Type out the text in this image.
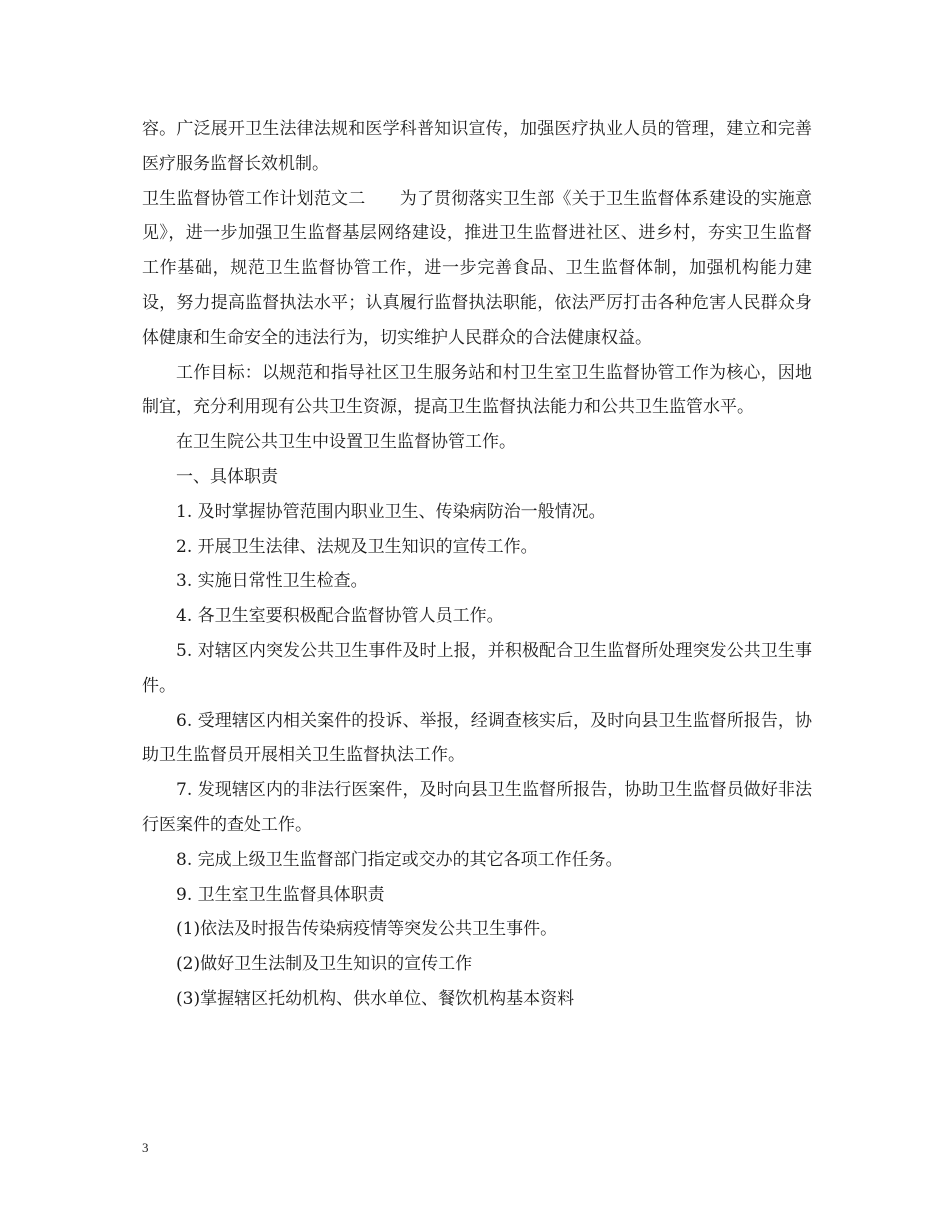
容。广泛展开卫生法律法规和医学科普知识宣传，加强医疗执业人员的管理，建立和完善医疗服务监督长效机制。

卫生监督协管工作计划范文二　　为了贯彻落实卫生部《关于卫生监督体系建设的实施意见》，进一步加强卫生监督基层网络建设，推进卫生监督进社区、进乡村，夯实卫生监督工作基础，规范卫生监督协管工作，进一步完善食品、卫生监督体制，加强机构能力建设，努力提高监督执法水平；认真履行监督执法职能，依法严厉打击各种危害人民群众身体健康和生命安全的违法行为，切实维护人民群众的合法健康权益。

工作目标：以规范和指导社区卫生服务站和村卫生室卫生监督协管工作为核心，因地制宜，充分利用现有公共卫生资源，提高卫生监督执法能力和公共卫生监管水平。

在卫生院公共卫生中设置卫生监督协管工作。

一、具体职责

1. 及时掌握协管范围内职业卫生、传染病防治一般情况。

2. 开展卫生法律、法规及卫生知识的宣传工作。

3. 实施日常性卫生检查。

4. 各卫生室要积极配合监督协管人员工作。

5. 对辖区内突发公共卫生事件及时上报，并积极配合卫生监督所处理突发公共卫生事件。

6. 受理辖区内相关案件的投诉、举报，经调查核实后，及时向县卫生监督所报告，协助卫生监督员开展相关卫生监督执法工作。

7. 发现辖区内的非法行医案件，及时向县卫生监督所报告，协助卫生监督员做好非法行医案件的查处工作。

8. 完成上级卫生监督部门指定或交办的其它各项工作任务。

9. 卫生室卫生监督具体职责

(1)依法及时报告传染病疫情等突发公共卫生事件。

(2)做好卫生法制及卫生知识的宣传工作

(3)掌握辖区托幼机构、供水单位、餐饮机构基本资料

3
